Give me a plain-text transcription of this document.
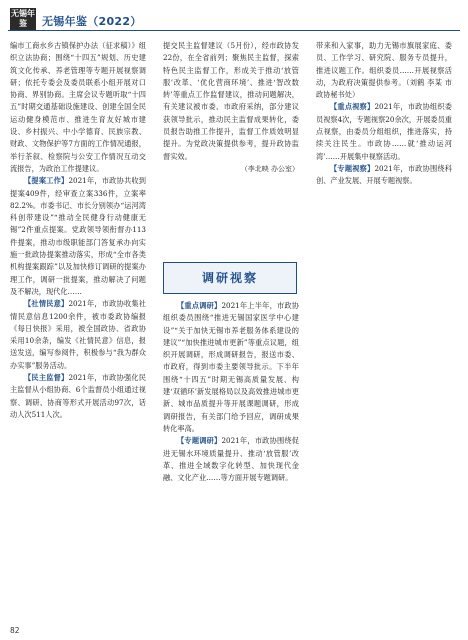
无锡年鉴	无锡年鉴（2022）

编市工商水乡古镇保护办法（征求稿）》组织立法协商；围绕“十四五”规划、历史建筑文化传承、养老管理等专题开展视察调研；依托专委会及委员联系小组开展对口协商、界别协商。主席会议专题听取“十四五”时期交通基础设施建设、创建全国全民运动健身模范市、推进生育友好城市建设、乡村振兴、中小学德育、民族宗教、财政、文物保护等7方面的工作情况通报，举行茶叙、检察院与公安工作情况互动交流报告，为政治工作提建议。

【提案工作】2021年，市政协共收到提案409件，经审查立案336件，立案率82.2%。市委书记、市长分别领办“运河湾科创带建设”“推动全民健身行动健康无锡”2件重点提案。党政领导领衔督办113件提案，推动市级职能部门答复承办向实施一批政协提案推动落实，形成“全市各类机构提案跟踪”以及加快修订调研的提案办理工作，调研一批提案，推动解决了问题及不解决，现代化……

【社情民意】2021年，市政协收集社情民意信息1200余件，被市委政协编报《每日快报》采用，被全国政协、省政协采用10余条，编发《社情民意》信息，报送发送，编写参阅件，积极参与“我为群众办实事”服务活动。

【民主监督】2021年，市政协强化民主监督从小组协商、6个监督员小组通过视察、调研、协商等形式开展活动97次，话动人次511人次。

提交民主监督建议（5月份），经市政协发22份，在全省前列；聚焦民主监督，探索特色民主监督工作，形成关于推动‘放管服’改革、‘优化营商环境’、推进‘智改数转’等重点工作监督建议，推动问题解决，有关建议被市委、市政府采纳，部分建议获领导批示，推动民主监督成果转化，委员报告助推工作提升，监督工作质效明显提升。为党政决策提供参考，提升政协监督实效。

（李北映 办公室）

调研视察

【重点调研】2021年上半年，市政协组织委员围绕“推进无锡国家医学中心建设”“关于加快无锡市养老服务体系建设的建议”“加快推进城市更新”等重点议题，组织开展调研，形成调研报告，报送市委、市政府，得到市委主要领导批示。下半年围绕“十四五”时期无锡高质量发展、构建‘双循环’新发展格局以及高效推进城市更新、城市品质提升等开展课题调研，形成调研报告，有关部门给予回应，调研成果转化率高。

【专题调研】2021年，市政协围绕促进无锡水环境质量提升、推动‘放管服’改革、推进全域数字化转型、加快现代金融、文化产业……等方面开展专题调研。

带来和入家事，助力无锡市旗展家庭、委员、工作学习、研究院、服务专员提升，推进议题工作。组织委员……开展视察活动，为政府决策提供参考。（刘鹤 李某 市政协秘书处）

【重点视察】2021年，市政协组织委员视察4次，专题视察20余次，开展委员重点视察，由委员分组组织，推进落实，持续关注民生。市政协……就‘推动运河湾’……开展集中视察活动。

【专题视察】2021年，市政协围绕科创、产业发展、开展专题视察。

82
